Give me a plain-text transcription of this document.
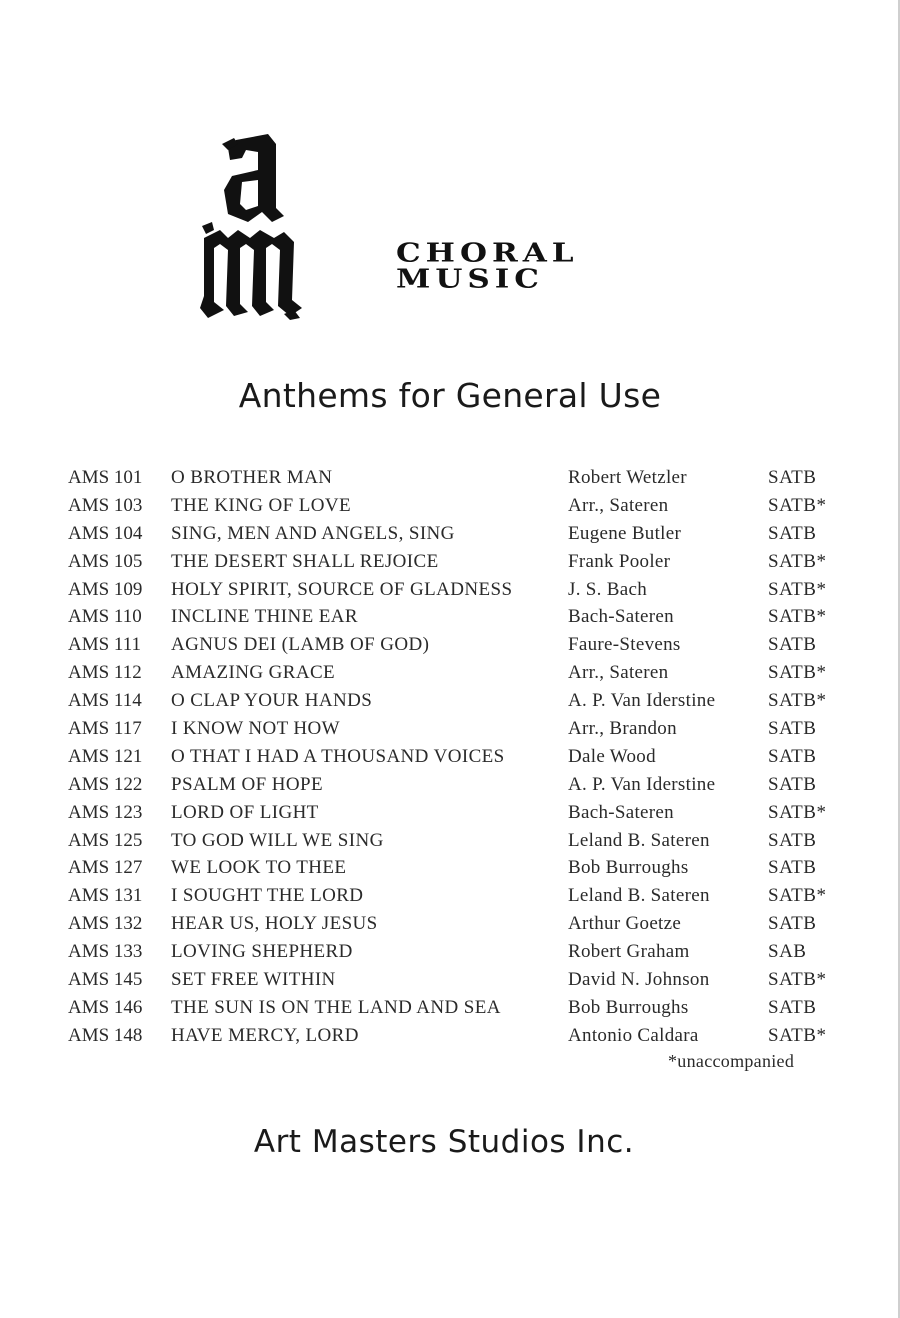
CHORAL
MUSIC
Anthems for General Use
AMS 101 O BROTHER MAN	Robert Wetzler	SATB
AMS 103 THE KING OF LOVE	Arr., Sateren	SATB*
AMS 104 SING, MEN AND ANGELS, SING	Eugene Butler	SATB
AMS 105 THE DESERT SHALL REJOICE	Frank Pooler	SATB*
AMS 109 HOLY SPIRIT, SOURCE OF GLADNESS	J. S. Bach	SATB*
AMS 110 INCLINE THINE EAR	Bach-Sateren	SATB*
AMS 111 AGNUS DEI (LAMB OF GOD)	Faure-Stevens	SATB
AMS 112 AMAZING GRACE	Arr., Sateren	SATB*
AMS 114 O CLAP YOUR HANDS	A. P. Van Iderstine	SATB*
AMS 117 I KNOW NOT HOW	Arr., Brandon	SATB
AMS 121 O THAT I HAD A THOUSAND VOICES	Dale Wood	SATB
AMS 122 PSALM OF HOPE	A. P. Van Iderstine	SATB
AMS 123 LORD OF LIGHT	Bach-Sateren	SATB*
AMS 125 TO GOD WILL WE SING	Leland B. Sateren	SATB
AMS 127 WE LOOK TO THEE	Bob Burroughs	SATB
AMS 131 I SOUGHT THE LORD	Leland B. Sateren	SATB*
AMS 132 HEAR US, HOLY JESUS	Arthur Goetze	SATB
AMS 133 LOVING SHEPHERD	Robert Graham	SAB
AMS 145 SET FREE WITHIN	David N. Johnson	SATB*
AMS 146 THE SUN IS ON THE LAND AND SEA	Bob Burroughs	SATB
AMS 148 HAVE MERCY, LORD	Antonio Caldara	SATB*
*unaccompanied
Art Masters Studios Inc.
